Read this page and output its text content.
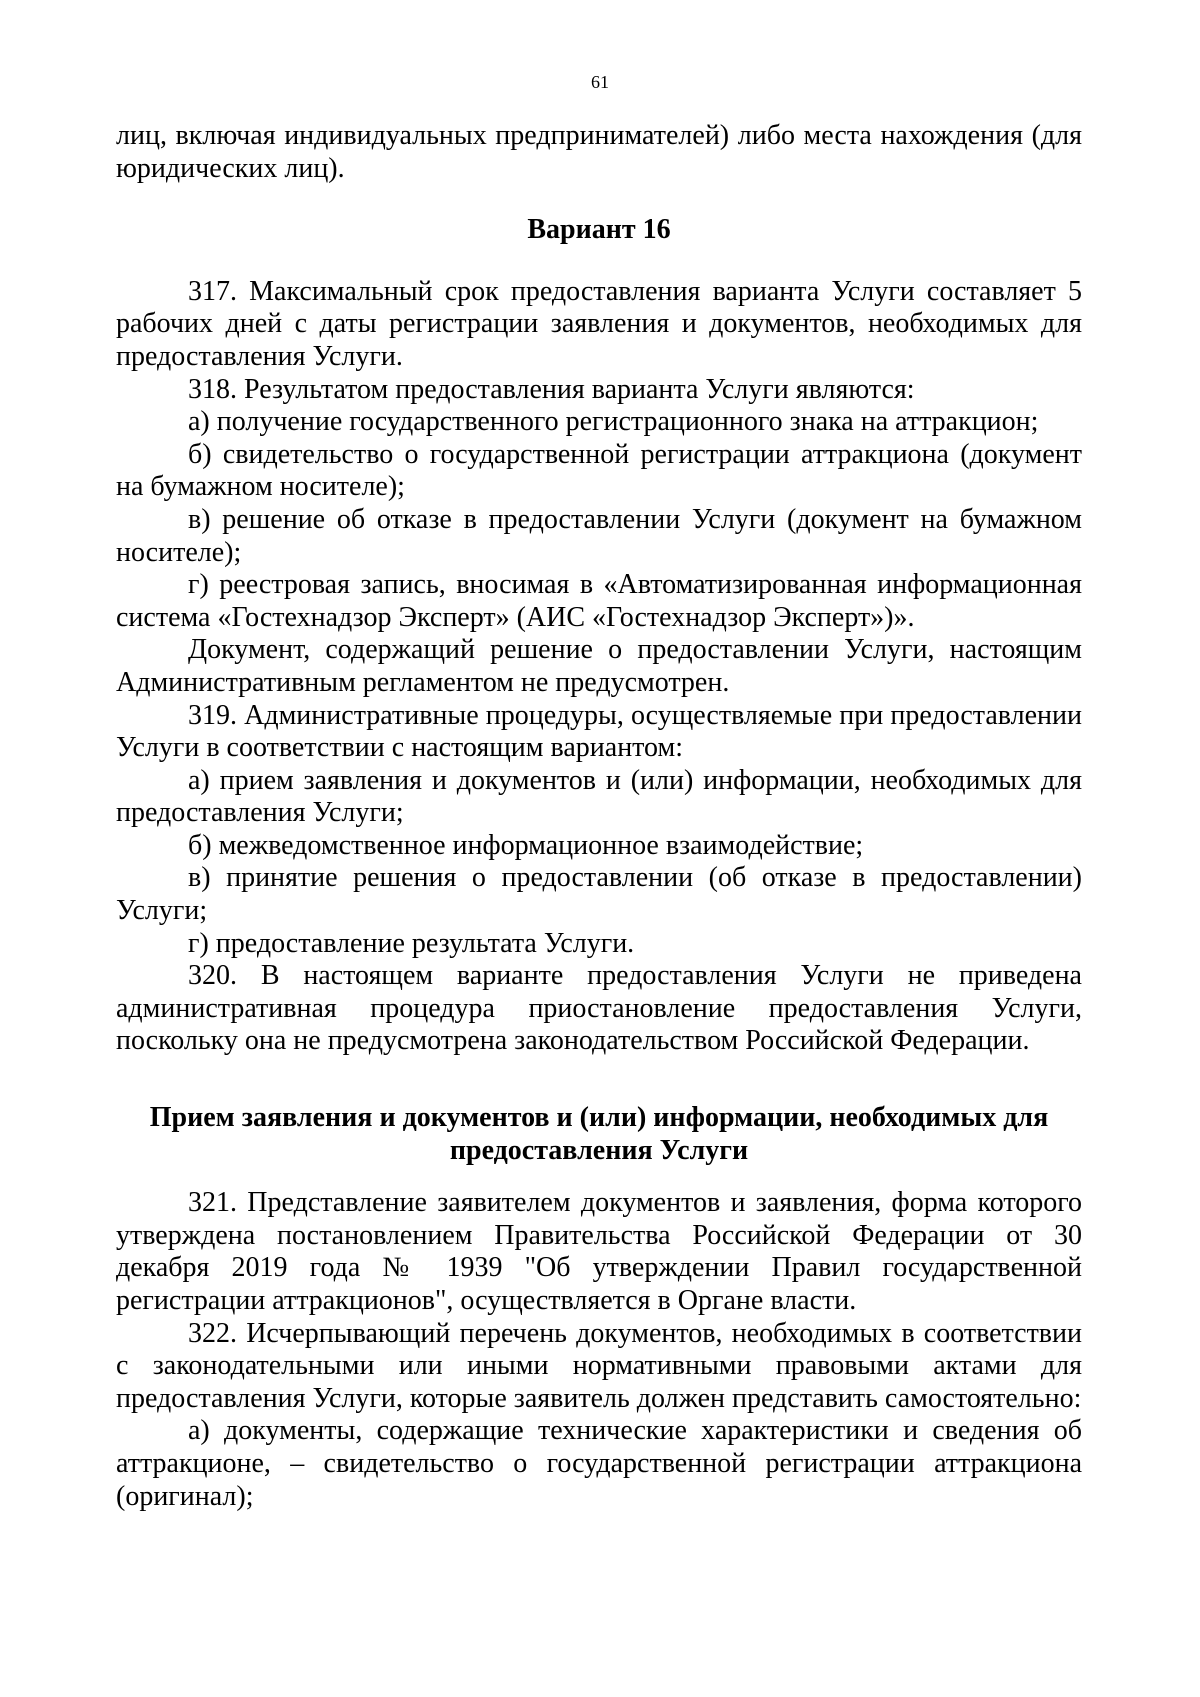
61

лиц, включая индивидуальных предпринимателей) либо места нахождения (для юридических лиц).

Вариант 16

317. Максимальный срок предоставления варианта Услуги составляет 5 рабочих дней с даты регистрации заявления и документов, необходимых для предоставления Услуги.

318. Результатом предоставления варианта Услуги являются:

а) получение государственного регистрационного знака на аттракцион;

б) свидетельство о государственной регистрации аттракциона (документ на бумажном носителе);

в) решение об отказе в предоставлении Услуги (документ на бумажном носителе);

г) реестровая запись, вносимая в «Автоматизированная информационная система «Гостехнадзор Эксперт» (АИС «Гостехнадзор Эксперт»)».

Документ, содержащий решение о предоставлении Услуги, настоящим Административным регламентом не предусмотрен.

319. Административные процедуры, осуществляемые при предоставлении Услуги в соответствии с настоящим вариантом:

а) прием заявления и документов и (или) информации, необходимых для предоставления Услуги;

б) межведомственное информационное взаимодействие;

в) принятие решения о предоставлении (об отказе в предоставлении) Услуги;

г) предоставление результата Услуги.

320. В настоящем варианте предоставления Услуги не приведена административная процедура приостановление предоставления Услуги, поскольку она не предусмотрена законодательством Российской Федерации.

Прием заявления и документов и (или) информации, необходимых для
предоставления Услуги

321. Представление заявителем документов и заявления, форма которого утверждена постановлением Правительства Российской Федерации от 30 декабря 2019 года № 1939 "Об утверждении Правил государственной регистрации аттракционов", осуществляется в Органе власти.

322. Исчерпывающий перечень документов, необходимых в соответствии с законодательными или иными нормативными правовыми актами для предоставления Услуги, которые заявитель должен представить самостоятельно:

а) документы, содержащие технические характеристики и сведения об аттракционе, – свидетельство о государственной регистрации аттракциона (оригинал);
